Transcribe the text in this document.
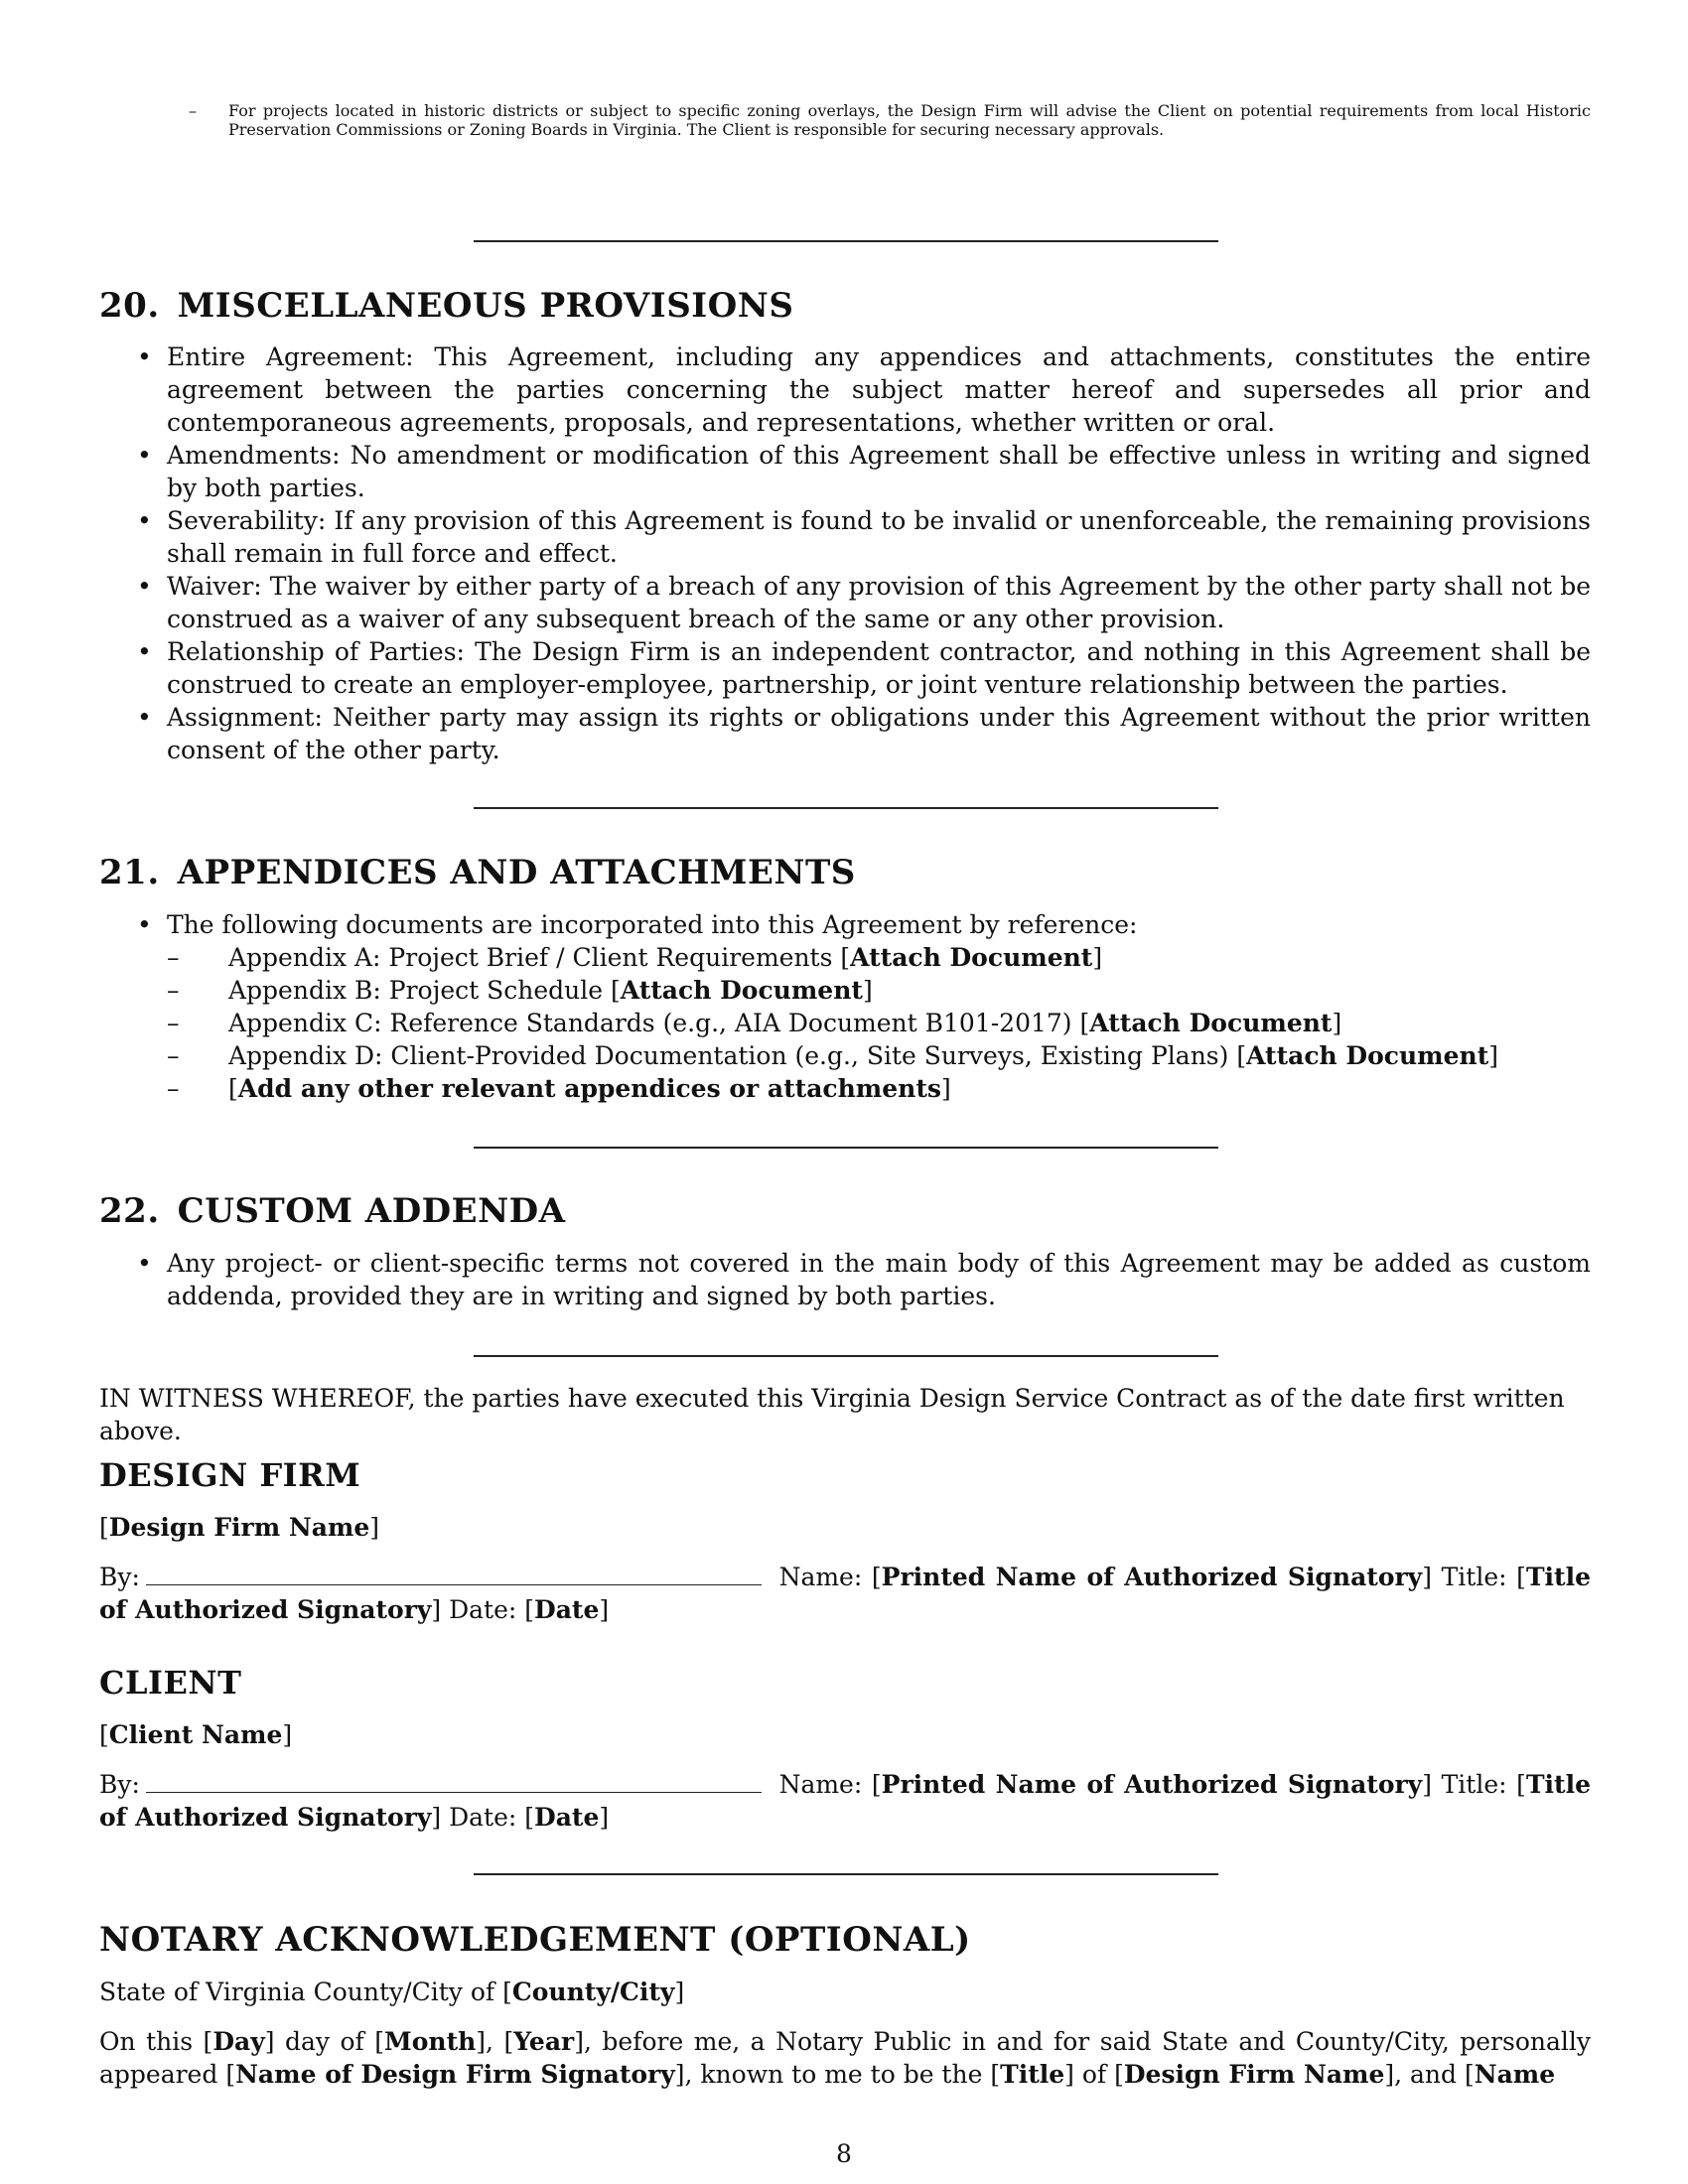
– For projects located in historic districts or subject to specific zoning overlays, the Design Firm will advise the Client on potential requirements from local Historic Preservation Commissions or Zoning Boards in Virginia. The Client is responsible for securing necessary approvals.
20. MISCELLANEOUS PROVISIONS
• Entire Agreement: This Agreement, including any appendices and attachments, constitutes the entire agreement between the parties concerning the subject matter hereof and supersedes all prior and contemporaneous agreements, proposals, and representations, whether written or oral.
• Amendments: No amendment or modification of this Agreement shall be effective unless in writing and signed by both parties.
• Severability: If any provision of this Agreement is found to be invalid or unenforceable, the remaining provisions shall remain in full force and effect.
• Waiver: The waiver by either party of a breach of any provision of this Agreement by the other party shall not be construed as a waiver of any subsequent breach of the same or any other provision.
• Relationship of Parties: The Design Firm is an independent contractor, and nothing in this Agreement shall be construed to create an employer-employee, partnership, or joint venture relationship between the parties.
• Assignment: Neither party may assign its rights or obligations under this Agreement without the prior written consent of the other party.
21. APPENDICES AND ATTACHMENTS
• The following documents are incorporated into this Agreement by reference:
– Appendix A: Project Brief / Client Requirements [Attach Document]
– Appendix B: Project Schedule [Attach Document]
– Appendix C: Reference Standards (e.g., AIA Document B101-2017) [Attach Document]
– Appendix D: Client-Provided Documentation (e.g., Site Surveys, Existing Plans) [Attach Document]
– [Add any other relevant appendices or attachments]
22. CUSTOM ADDENDA
• Any project- or client-specific terms not covered in the main body of this Agreement may be added as custom addenda, provided they are in writing and signed by both parties.
IN WITNESS WHEREOF, the parties have executed this Virginia Design Service Contract as of the date first written above.
DESIGN FIRM
[Design Firm Name]
By:	Name: [Printed Name of Authorized Signatory] Title: [Title of Authorized Signatory] Date: [Date]
CLIENT
[Client Name]
By:	Name: [Printed Name of Authorized Signatory] Title: [Title of Authorized Signatory] Date: [Date]
NOTARY ACKNOWLEDGEMENT (OPTIONAL)
State of Virginia County/City of [County/City]
On this [Day] day of [Month], [Year], before me, a Notary Public in and for said State and County/City, personally appeared [Name of Design Firm Signatory], known to me to be the [Title] of [Design Firm Name], and [Name
8
